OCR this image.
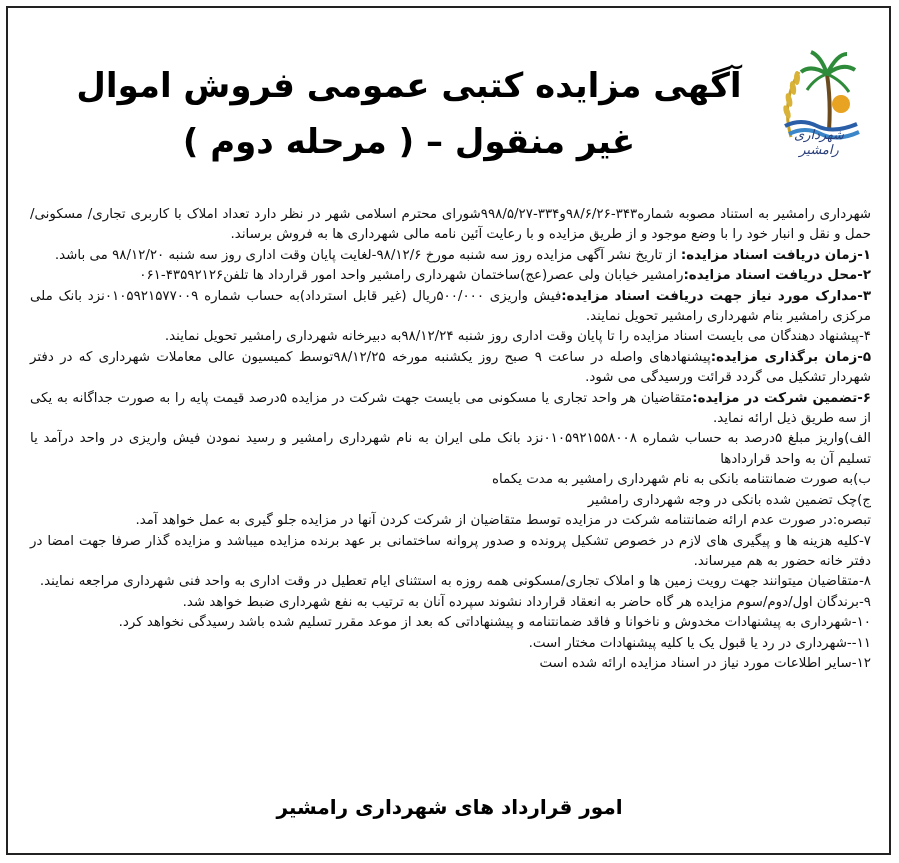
شهرداری رامشیر
آگهی مزایده کتبی عمومی فروش اموال غیر منقول – ( مرحله دوم )

شهرداری رامشیر به استناد مصوبه شماره۳۴۳-۹۸/۶/۲۶و۳۳۴-۹۹۸/۵/۲۷شورای محترم اسلامی شهر در نظر دارد تعداد املاک با کاربری تجاری/ مسکونی/ حمل و نقل و انبار خود را با وضع موجود و از طریق مزایده و با رعایت آئین نامه مالی شهرداری ها به فروش برساند.

۱-زمان دریافت اسناد مزایده: از تاریخ نشر آگهی مزایده روز سه شنبه مورخ ۹۸/۱۲/۶-لغایت پایان وقت اداری روز سه شنبه ۹۸/۱۲/۲۰ می باشد.

۲-محل دریافت اسناد مزایده:رامشیر خیابان ولی عصر(عج)ساختمان شهرداری رامشیر واحد امور قرارداد ها تلفن۴۳۵۹۲۱۲۶-۰۶۱

۳-مدارک مورد نیاز جهت دریافت اسناد مزایده:فیش واریزی ۵۰۰/۰۰۰ریال (غیر قابل استرداد)به حساب شماره ۰۱۰۵۹۲۱۵۷۷۰۰۹نزد بانک ملی مرکزی رامشیر بنام شهرداری رامشیر تحویل نمایند.

۴-پیشنهاد دهندگان می بایست اسناد مزایده را تا پایان وقت اداری روز شنبه ۹۸/۱۲/۲۴به دبیرخانه شهرداری رامشیر تحویل نمایند.

۵-زمان برگذاری مزایده:پیشنهادهای واصله در ساعت ۹ صبح روز یکشنبه مورخه ۹۸/۱۲/۲۵توسط کمیسیون عالی معاملات شهرداری که در دفتر شهردار تشکیل می گردد قرائت ورسیدگی می شود.

۶-تضمین شرکت در مزایده:متقاضیان هر واحد تجاری یا مسکونی می بایست جهت شرکت در مزایده ۵درصد قیمت پایه را به صورت جداگانه به یکی از سه طریق ذیل ارائه نماید.

الف)واریز مبلغ ۵درصد به حساب شماره ۰۱۰۵۹۲۱۵۵۸۰۰۸نزد بانک ملی ایران به نام شهرداری رامشیر و رسید نمودن فیش واریزی در واحد درآمد یا تسلیم آن به واحد قراردادها

ب)به صورت ضمانتنامه بانکی به نام شهرداری رامشیر به مدت یکماه

ج)چک تضمین شده بانکی در وجه شهرداری رامشیر

تبصره:در صورت عدم ارائه ضمانتنامه شرکت در مزایده توسط متقاضیان از شرکت کردن آنها در مزایده جلو گیری به عمل خواهد آمد.

۷-کلیه هزینه ها و پیگیری های لازم در خصوص تشکیل پرونده و صدور پروانه ساختمانی بر عهد برنده مزایده میباشد و مزایده گذار صرفا جهت امضا در دفتر خانه حضور به هم میرساند.

۸-متقاضیان میتوانند جهت رویت زمین ها و املاک تجاری/مسکونی همه روزه به استثنای ایام تعطیل در وقت اداری به واحد فنی شهرداری مراجعه نمایند.

۹-برندگان اول/دوم/سوم مزایده هر گاه حاضر به انعقاد قرارداد نشوند سپرده آنان به ترتیب به نفع شهرداری ضبط خواهد شد.

۱۰-شهرداری به پیشنهادات مخدوش و ناخوانا و فاقد ضمانتنامه و پیشنهاداتی که بعد از موعد مقرر تسلیم شده باشد رسیدگی نخواهد کرد.

۱۱--شهرداری در رد یا قبول یک یا کلیه پیشنهادات مختار است.

۱۲-سایر اطلاعات مورد نیاز در اسناد مزایده ارائه شده است

امور قرارداد های شهرداری رامشیر
